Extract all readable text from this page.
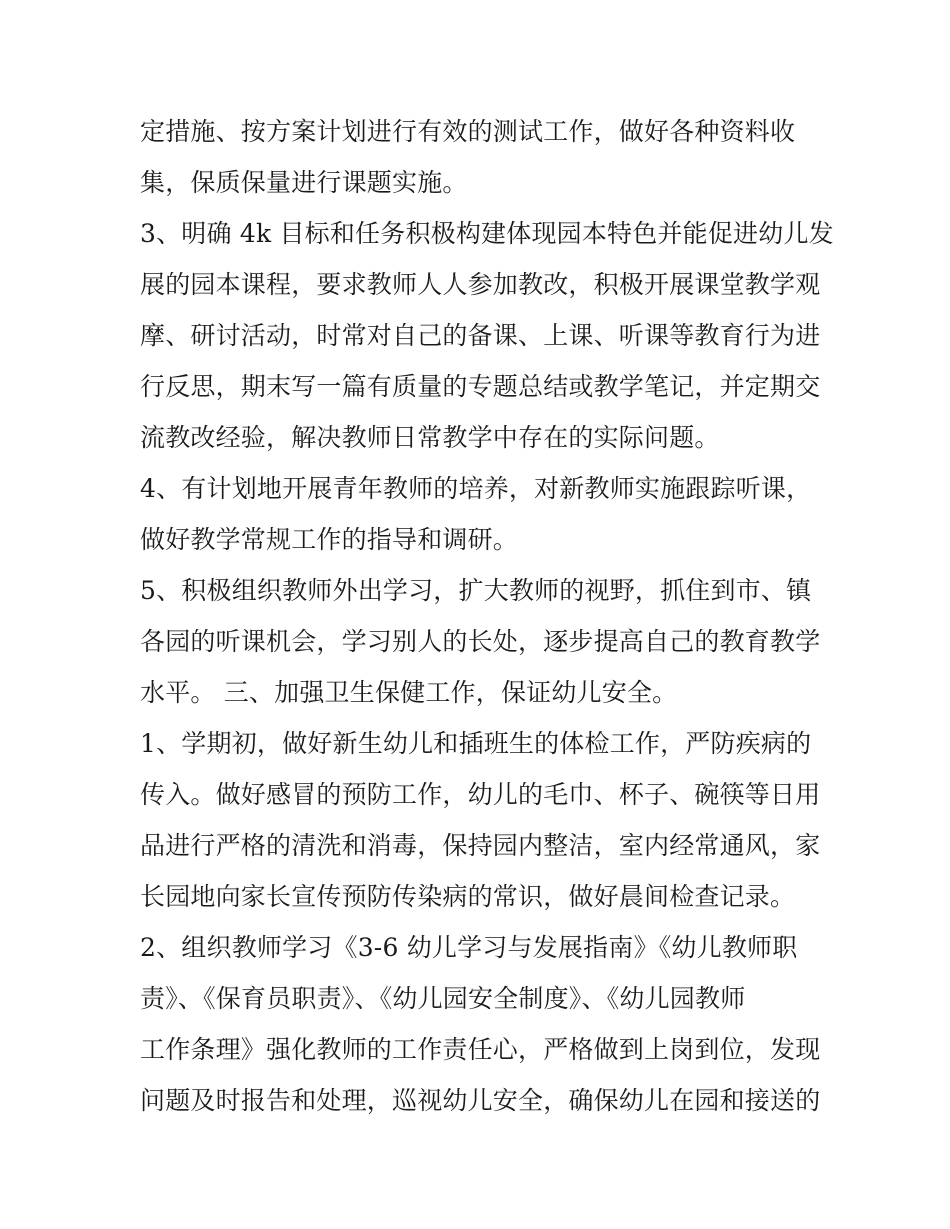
定措施、按方案计划进行有效的测试工作，做好各种资料收
集，保质保量进行课题实施。
3、明确 4k 目标和任务积极构建体现园本特色并能促进幼儿发
展的园本课程，要求教师人人参加教改，积极开展课堂教学观
摩、研讨活动，时常对自己的备课、上课、听课等教育行为进
行反思，期末写一篇有质量的专题总结或教学笔记，并定期交
流教改经验，解决教师日常教学中存在的实际问题。
4、有计划地开展青年教师的培养，对新教师实施跟踪听课，
做好教学常规工作的指导和调研。
5、积极组织教师外出学习，扩大教师的视野，抓住到市、镇
各园的听课机会，学习别人的长处，逐步提高自己的教育教学
水平。 三、加强卫生保健工作，保证幼儿安全。
1、学期初，做好新生幼儿和插班生的体检工作，严防疾病的
传入。做好感冒的预防工作，幼儿的毛巾、杯子、碗筷等日用
品进行严格的清洗和消毒，保持园内整洁，室内经常通风，家
长园地向家长宣传预防传染病的常识，做好晨间检查记录。
2、组织教师学习《3-6 幼儿学习与发展指南》《幼儿教师职
责》、《保育员职责》、《幼儿园安全制度》、《幼儿园教师
工作条理》强化教师的工作责任心，严格做到上岗到位，发现
问题及时报告和处理，巡视幼儿安全，确保幼儿在园和接送的
